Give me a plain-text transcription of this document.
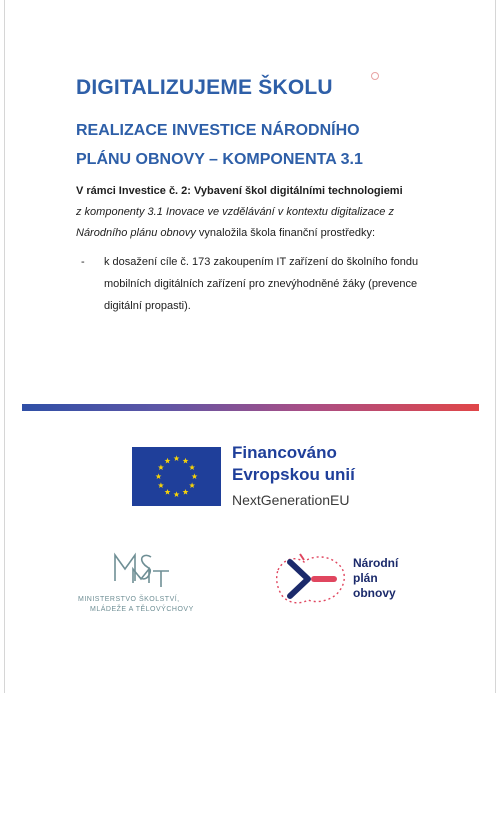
DIGITALIZUJEME ŠKOLU
REALIZACE INVESTICE NÁRODNÍHO
PLÁNU OBNOVY – KOMPONENTA 3.1
V rámci Investice č. 2: Vybavení škol digitálními technologiemi
z komponenty 3.1 Inovace ve vzdělávání v kontextu digitalizace z Národního plánu obnovy vynaložila škola finanční prostředky:
- k dosažení cíle č. 173 zakoupením IT zařízení do školního fondu mobilních digitálních zařízení pro znevýhodněné žáky (prevence digitální propasti).
Financováno
Evropskou unií
NextGenerationEU
MINISTERSTVO ŠKOLSTVÍ,
MLÁDEŽE A TĚLOVÝCHOVY
Národní
plán
obnovy
